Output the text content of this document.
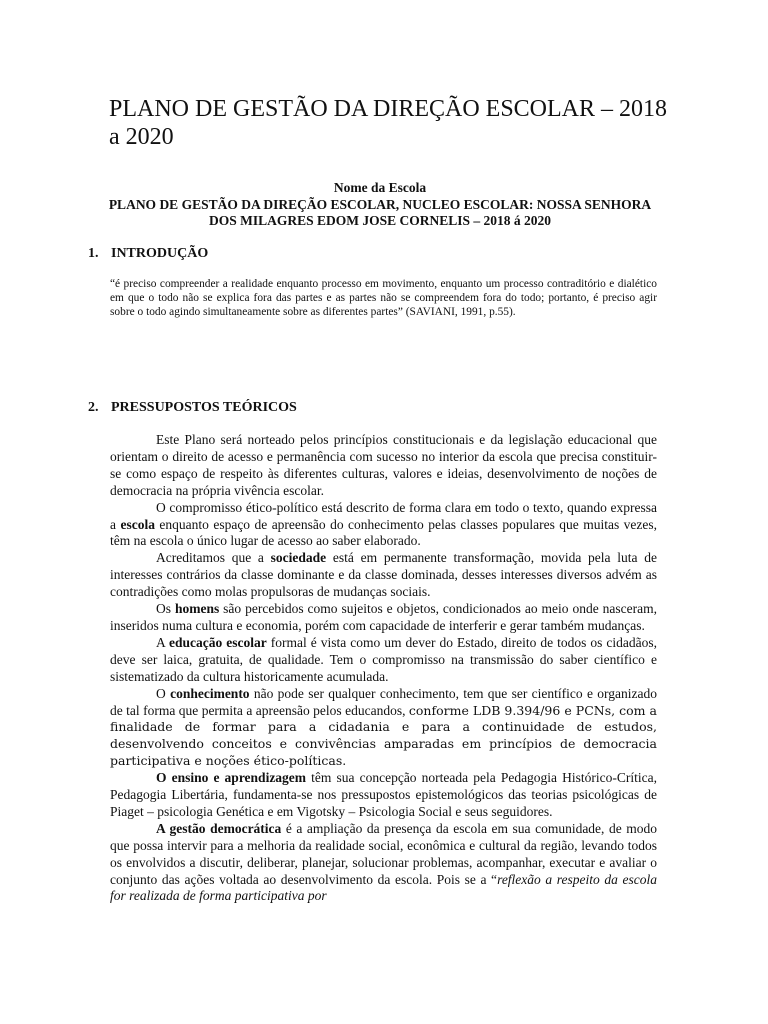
PLANO DE GESTÃO DA DIREÇÃO ESCOLAR – 2018 a 2020
Nome da Escola
PLANO DE GESTÃO DA DIREÇÃO ESCOLAR, NUCLEO ESCOLAR: NOSSA SENHORA DOS MILAGRES EDOM JOSE CORNELIS – 2018 á 2020
1. INTRODUÇÃO
“é preciso compreender a realidade enquanto processo em movimento, enquanto um processo contraditório e dialético em que o todo não se explica fora das partes e as partes não se compreendem fora do todo; portanto, é preciso agir sobre o todo agindo simultaneamente sobre as diferentes partes” (SAVIANI, 1991, p.55).
2. PRESSUPOSTOS TEÓRICOS

Este Plano será norteado pelos princípios constitucionais e da legislação educacional que orientam o direito de acesso e permanência com sucesso no interior da escola que precisa constituir-se como espaço de respeito às diferentes culturas, valores e ideias, desenvolvimento de noções de democracia na própria vivência escolar.

O compromisso ético-político está descrito de forma clara em todo o texto, quando expressa a escola enquanto espaço de apreensão do conhecimento pelas classes populares que muitas vezes, têm na escola o único lugar de acesso ao saber elaborado.

Acreditamos que a sociedade está em permanente transformação, movida pela luta de interesses contrários da classe dominante e da classe dominada, desses interesses diversos advém as contradições como molas propulsoras de mudanças sociais.

Os homens são percebidos como sujeitos e objetos, condicionados ao meio onde nasceram, inseridos numa cultura e economia, porém com capacidade de interferir e gerar também mudanças.

A educação escolar formal é vista como um dever do Estado, direito de todos os cidadãos, deve ser laica, gratuita, de qualidade. Tem o compromisso na transmissão do saber científico e sistematizado da cultura historicamente acumulada.

O conhecimento não pode ser qualquer conhecimento, tem que ser científico e organizado de tal forma que permita a apreensão pelos educandos, conforme LDB 9.394/96 e PCNs, com a finalidade de formar para a cidadania e para a continuidade de estudos, desenvolvendo conceitos e convivências amparadas em princípios de democracia participativa e noções ético-políticas.

O ensino e aprendizagem têm sua concepção norteada pela Pedagogia Histórico-Crítica, Pedagogia Libertária, fundamenta-se nos pressupostos epistemológicos das teorias psicológicas de Piaget – psicologia Genética e em Vigotsky – Psicologia Social e seus seguidores.

A gestão democrática é a ampliação da presença da escola em sua comunidade, de modo que possa intervir para a melhoria da realidade social, econômica e cultural da região, levando todos os envolvidos a discutir, deliberar, planejar, solucionar problemas, acompanhar, executar e avaliar o conjunto das ações voltada ao desenvolvimento da escola. Pois se a “reflexão a respeito da escola for realizada de forma participativa por
